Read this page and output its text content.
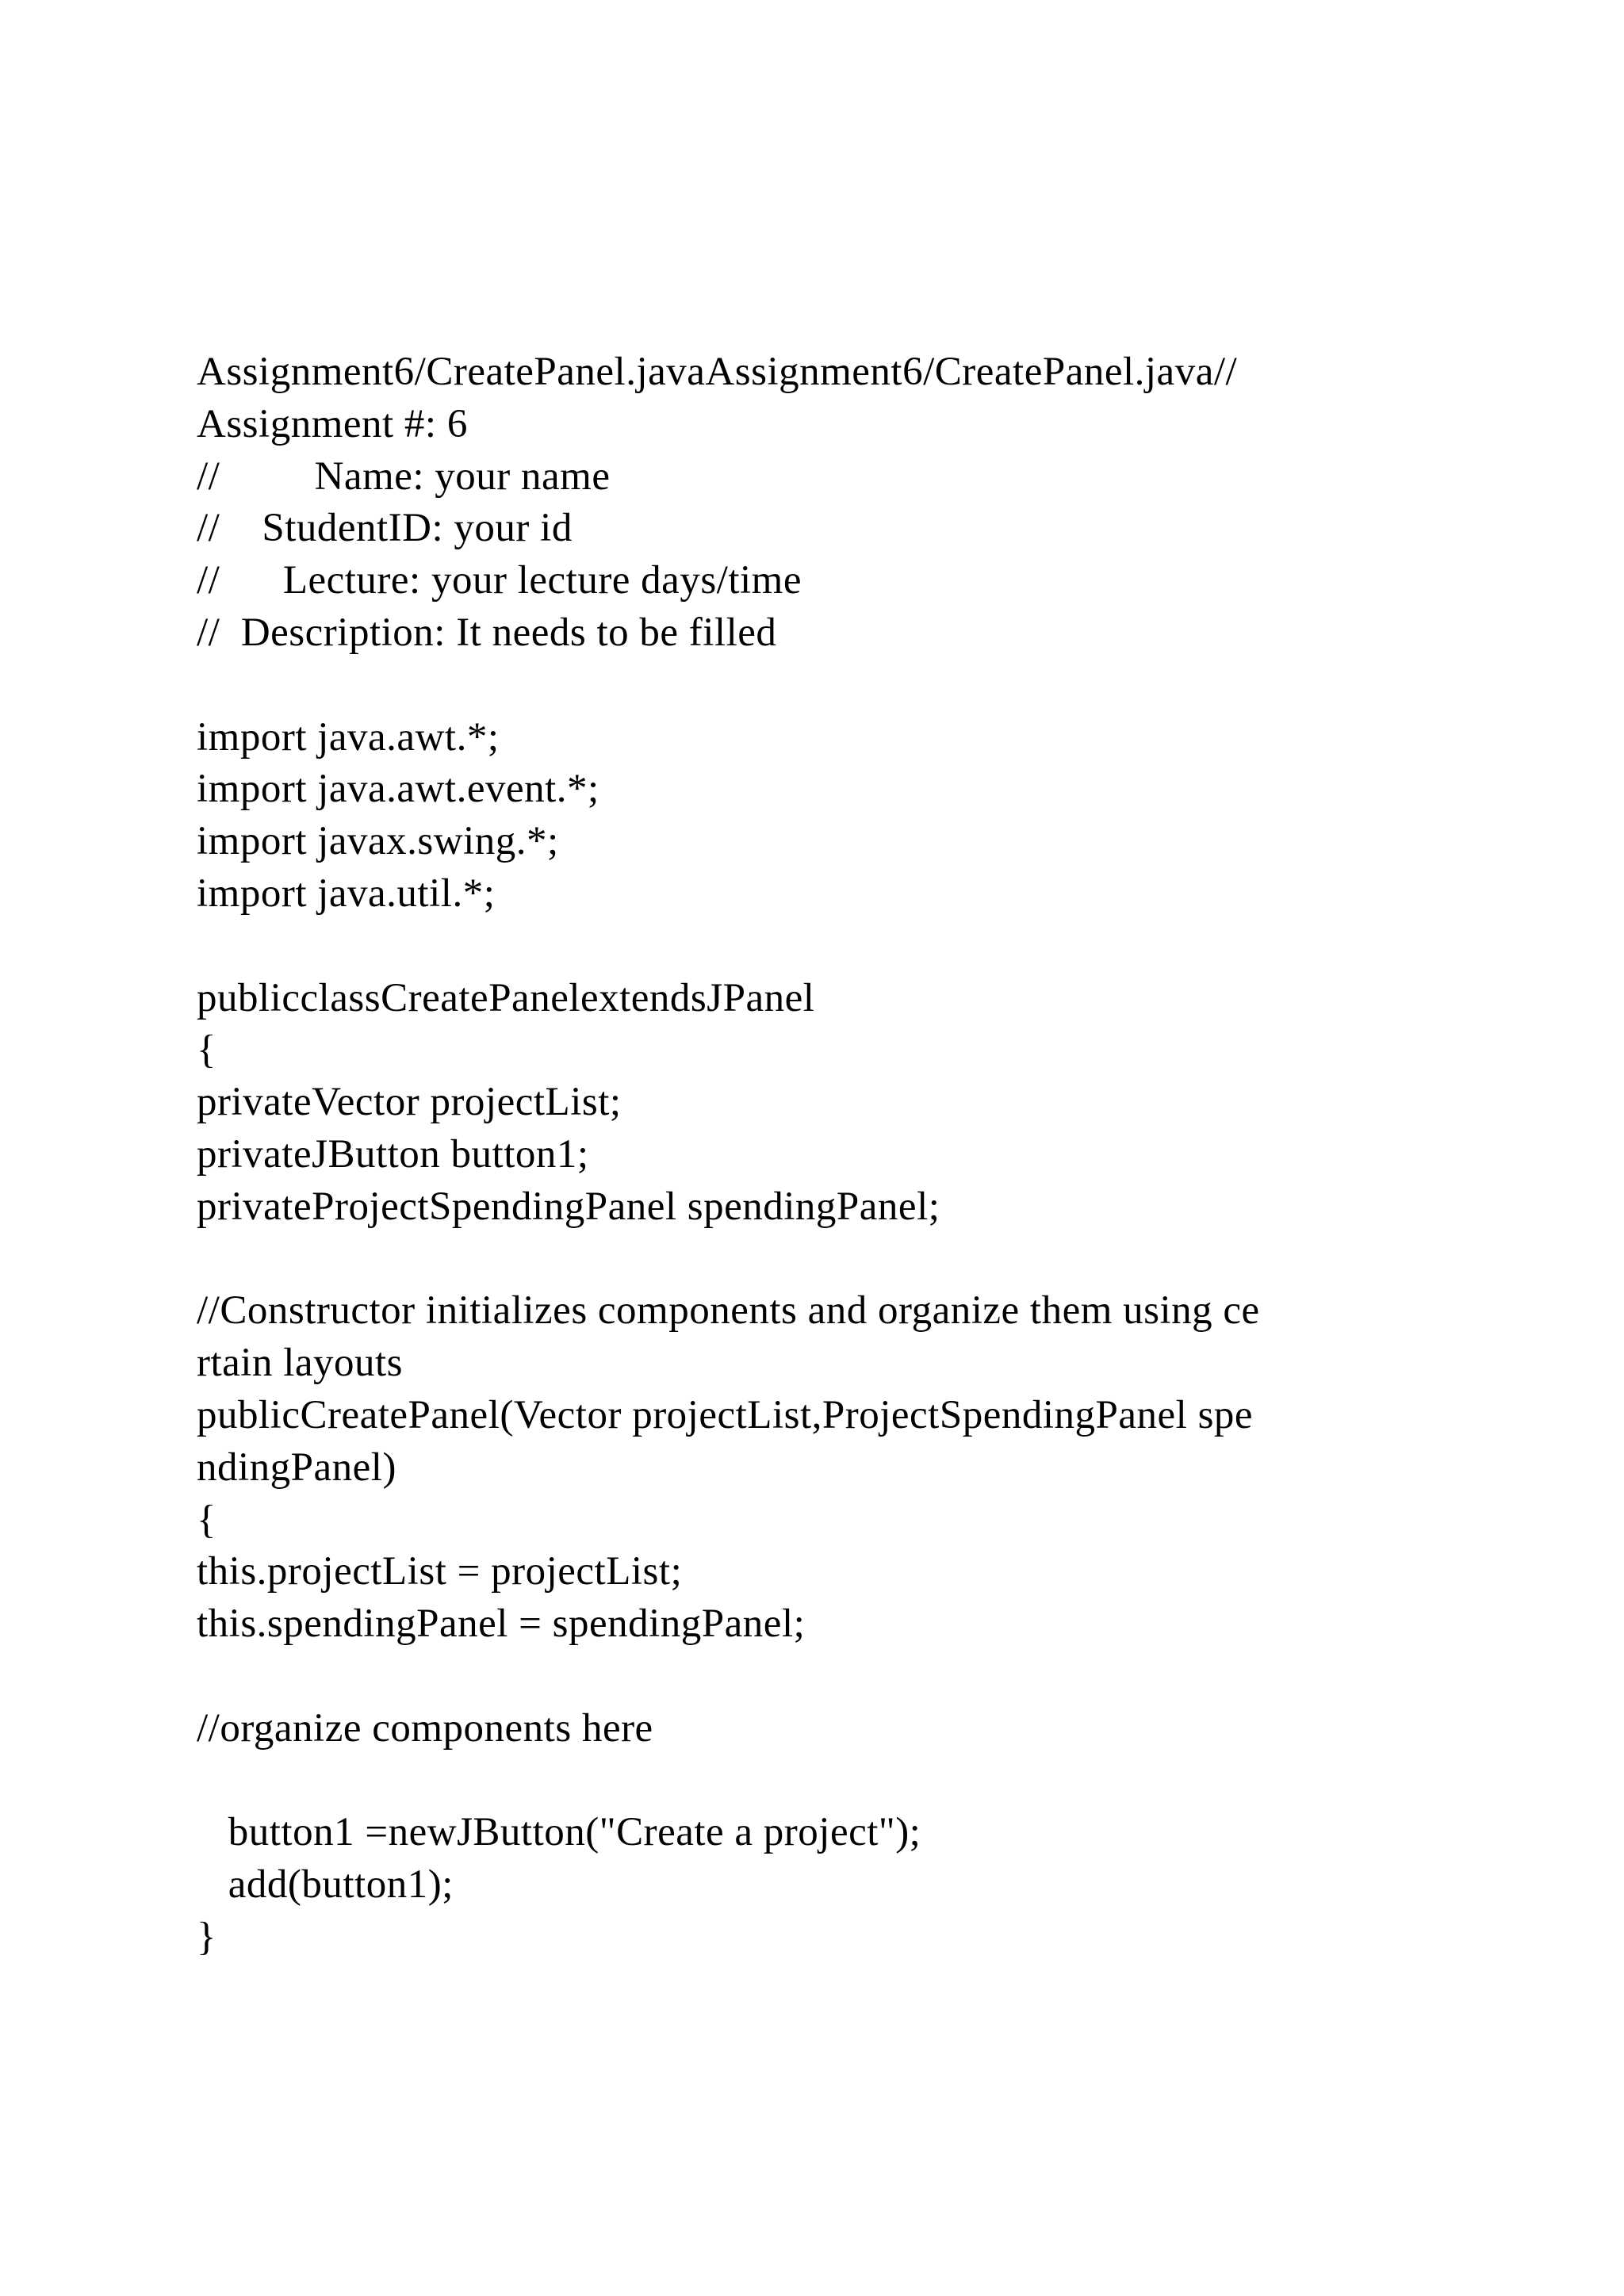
Assignment6/CreatePanel.javaAssignment6/CreatePanel.java//
Assignment #: 6
//         Name: your name
//    StudentID: your id
//      Lecture: your lecture days/time
//  Description: It needs to be filled
import java.awt.*;
import java.awt.event.*;
import javax.swing.*;
import java.util.*;
publicclassCreatePanelextendsJPanel
{
privateVector projectList;
privateJButton button1;
privateProjectSpendingPanel spendingPanel;
//Constructor initializes components and organize them using ce
rtain layouts
publicCreatePanel(Vector projectList,ProjectSpendingPanel spe
ndingPanel)
{
this.projectList = projectList;
this.spendingPanel = spendingPanel;
//organize components here
button1 =newJButton("Create a project");
add(button1);
}
